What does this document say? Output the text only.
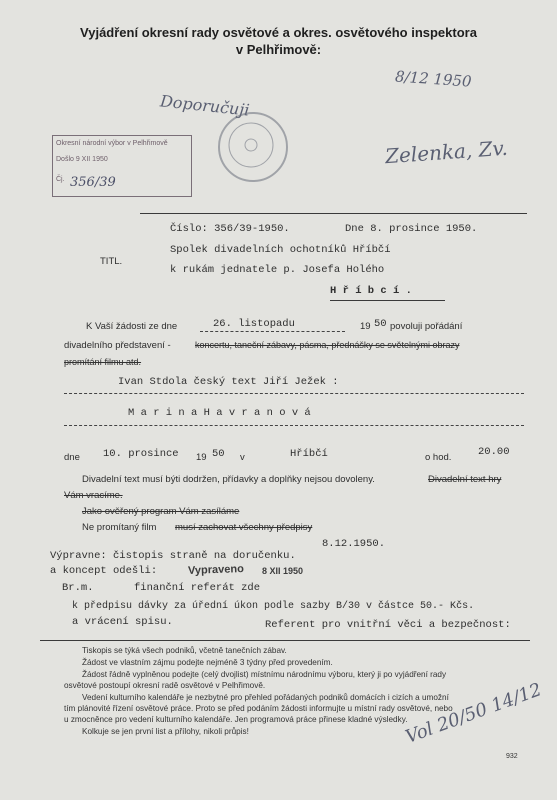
Vyjádření okresní rady osvětové a okres. osvětového inspektora
v Pelhřimově:
8/12 1950
Doporučuji
Zelenka, Zv.
Okresní národní výbor v Pelhřimově
Došlo 9 XII 1950
Čj. 356/39
Číslo: 356/39-1950.	Dne 8. prosince 1950.
TITL.
Spolek divadelních ochotníků Hříbčí
k rukám jednatele p. Josefa Holého
H ř í b c í .
K Vaší žádosti ze dne	26. listopadu	19 50 povoluji pořádání
divadelního představení -	koncertu, taneční zábavy, pásma, přednášky se světelnými obrazy
promítání filmu atd.
Ivan Stdola český text Jiří Ježek :
M a r i n a H a v r a n o v á
dne 10. prosince 19 50 v	Hříbčí	o hod.	20.00
Divadelní text musí býti dodržen, přídavky a doplňky nejsou dovoleny.	Divadelní text hry
Vám vracíme.
Jako ověřený program Vám zasíláme
Ne promítaný film musí zachovat všechny předpisy
8.12.1950.
Výpravne: čistopis straně na doručenku.
a koncept odešli:	Vypraveno 8 XII 1950
Br.m.	finanční referát zde
k předpisu dávky za úřední úkon podle sazby B/30 v částce 50.- Kčs.
a vrácení spisu.	Referent pro vnitřní věci a bezpečnost:
Tiskopis se týká všech podniků, včetně tanečních zábav.
Žádost ve vlastním zájmu podejte nejméně 3 týdny před provedením.
Žádost řádně vyplněnou podejte (celý dvojlist) místnímu národnímu výboru, který ji po vyjádření rady
osvětové postoupí okresní radě osvětové v Pelhřimově.
Vedení kulturního kalendáře je nezbytné pro přehled pořádaných podniků domácích i cizích a umožní
tím plánovité řízení osvětové práce. Proto se před podáním žádosti informujte u místní rady osvětové, nebo
u zmocněnce pro vedení kulturního kalendáře. Jen programová práce přinese kladné výsledky.
Kolkuje se jen první list a přílohy, nikoli průpis!	Vol 20/50 14/12
932
